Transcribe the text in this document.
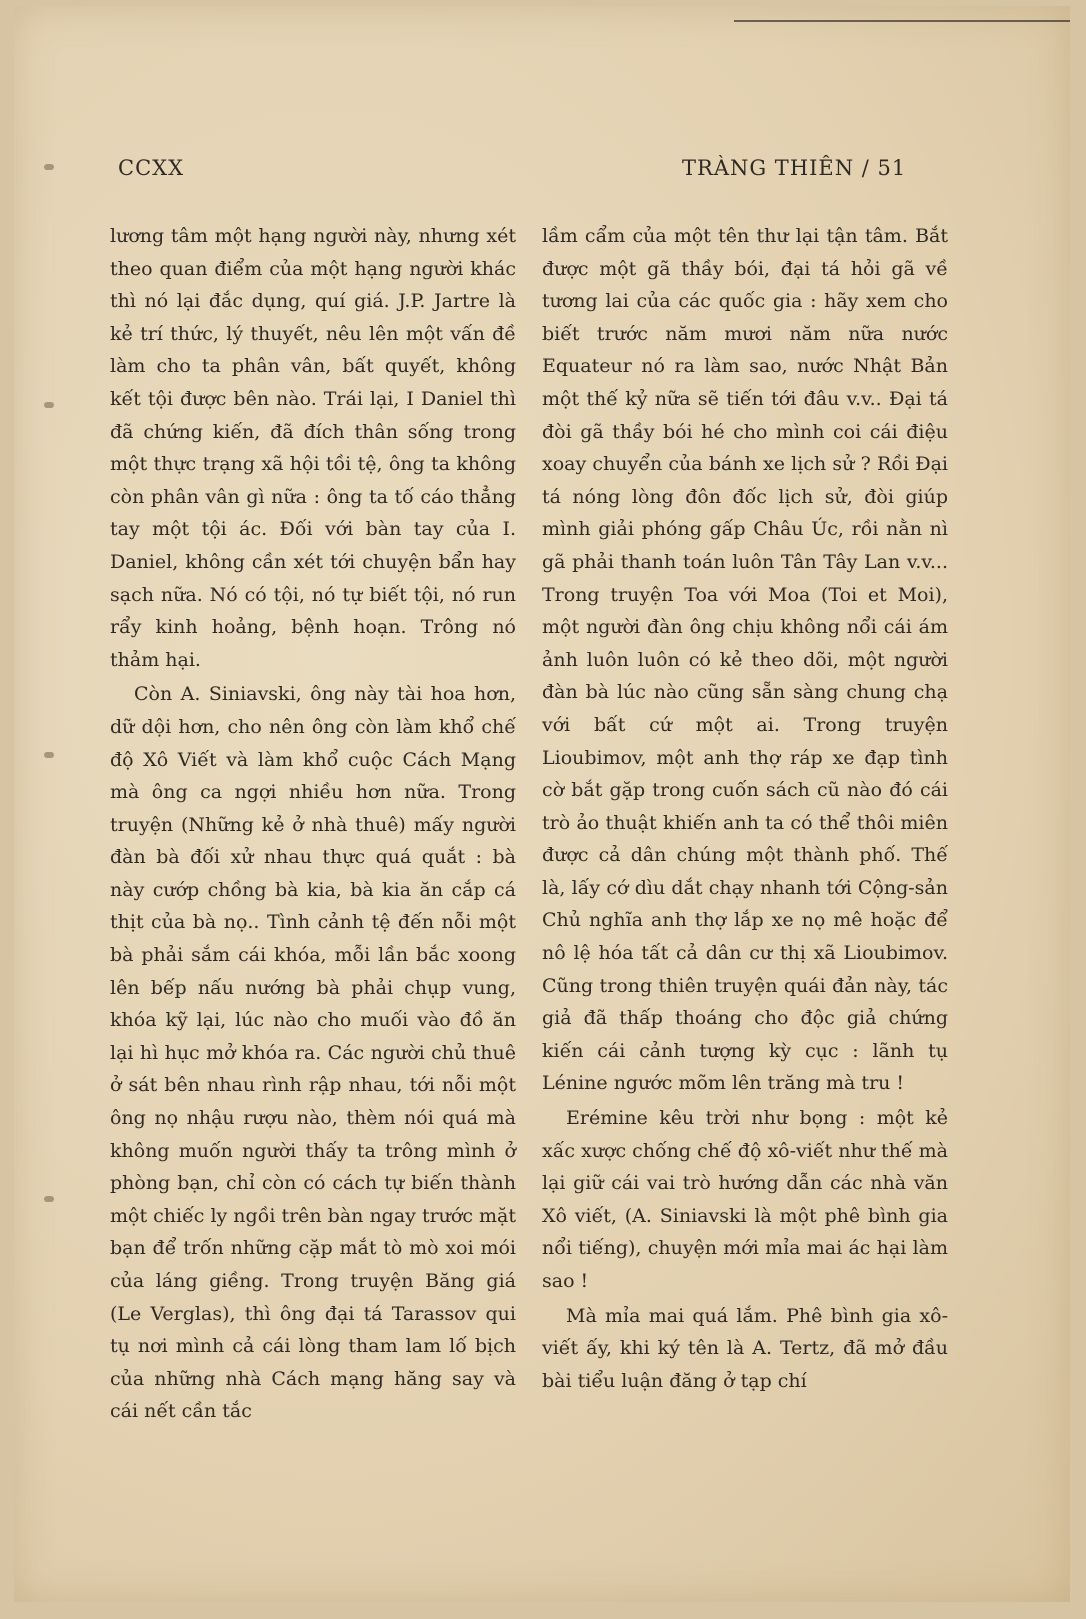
CCXX	TRÀNG THIÊN / 51

lương tâm một hạng người này, nhưng xét theo quan điểm của một hạng người khác thì nó lại đắc dụng, quí giá. J.P. Jartre là kẻ trí thức, lý thuyết, nêu lên một vấn đề làm cho ta phân vân, bất quyết, không kết tội được bên nào. Trái lại, I Daniel thì đã chứng kiến, đã đích thân sống trong một thực trạng xã hội tồi tệ, ông ta không còn phân vân gì nữa : ông ta tố cáo thẳng tay một tội ác. Đối với bàn tay của I. Daniel, không cần xét tới chuyện bẩn hay sạch nữa. Nó có tội, nó tự biết tội, nó run rẩy kinh hoảng, bệnh hoạn. Trông nó thảm hại.

Còn A. Siniavski, ông này tài hoa hơn, dữ dội hơn, cho nên ông còn làm khổ chế độ Xô Viết và làm khổ cuộc Cách Mạng mà ông ca ngợi nhiều hơn nữa. Trong truyện (Những kẻ ở nhà thuê) mấy người đàn bà đối xử nhau thực quá quắt : bà này cướp chồng bà kia, bà kia ăn cắp cá thịt của bà nọ.. Tình cảnh tệ đến nỗi một bà phải sắm cái khóa, mỗi lần bắc xoong lên bếp nấu nướng bà phải chụp vung, khóa kỹ lại, lúc nào cho muối vào đồ ăn lại hì hục mở khóa ra. Các người chủ thuê ở sát bên nhau rình rập nhau, tới nỗi một ông nọ nhậu rượu nào, thèm nói quá mà không muốn người thấy ta trông mình ở phòng bạn, chỉ còn có cách tự biến thành một chiếc ly ngồi trên bàn ngay trước mặt bạn để trốn những cặp mắt tò mò xoi mói của láng giềng. Trong truyện Băng giá (Le Verglas), thì ông đại tá Tarassov qui tụ nơi mình cả cái lòng tham lam lố bịch của những nhà Cách mạng hăng say và cái nết cần tắc

lầm cẩm của một tên thư lại tận tâm. Bắt được một gã thầy bói, đại tá hỏi gã về tương lai của các quốc gia : hãy xem cho biết trước năm mươi năm nữa nước Equateur nó ra làm sao, nước Nhật Bản một thế kỷ nữa sẽ tiến tới đâu v.v.. Đại tá đòi gã thầy bói hé cho mình coi cái điệu xoay chuyển của bánh xe lịch sử ? Rồi Đại tá nóng lòng đôn đốc lịch sử, đòi giúp mình giải phóng gấp Châu Úc, rồi nằn nì gã phải thanh toán luôn Tân Tây Lan v.v... Trong truyện Toa với Moa (Toi et Moi), một người đàn ông chịu không nổi cái ám ảnh luôn luôn có kẻ theo dõi, một người đàn bà lúc nào cũng sẵn sàng chung chạ với bất cứ một ai. Trong truyện Lioubimov, một anh thợ ráp xe đạp tình cờ bắt gặp trong cuốn sách cũ nào đó cái trò ảo thuật khiến anh ta có thể thôi miên được cả dân chúng một thành phố. Thế là, lấy cớ dìu dắt chạy nhanh tới Cộng-sản Chủ nghĩa anh thợ lắp xe nọ mê hoặc để nô lệ hóa tất cả dân cư thị xã Lioubimov. Cũng trong thiên truyện quái đản này, tác giả đã thấp thoáng cho độc giả chứng kiến cái cảnh tượng kỳ cục : lãnh tụ Lénine ngước mõm lên trăng mà tru !

Erémine kêu trời như bọng : một kẻ xấc xược chống chế độ xô-viết như thế mà lại giữ cái vai trò hướng dẫn các nhà văn Xô viết, (A. Siniavski là một phê bình gia nổi tiếng), chuyện mới mỉa mai ác hại làm sao !

Mà mỉa mai quá lắm. Phê bình gia xô-viết ấy, khi ký tên là A. Tertz, đã mở đầu bài tiểu luận đăng ở tạp chí
